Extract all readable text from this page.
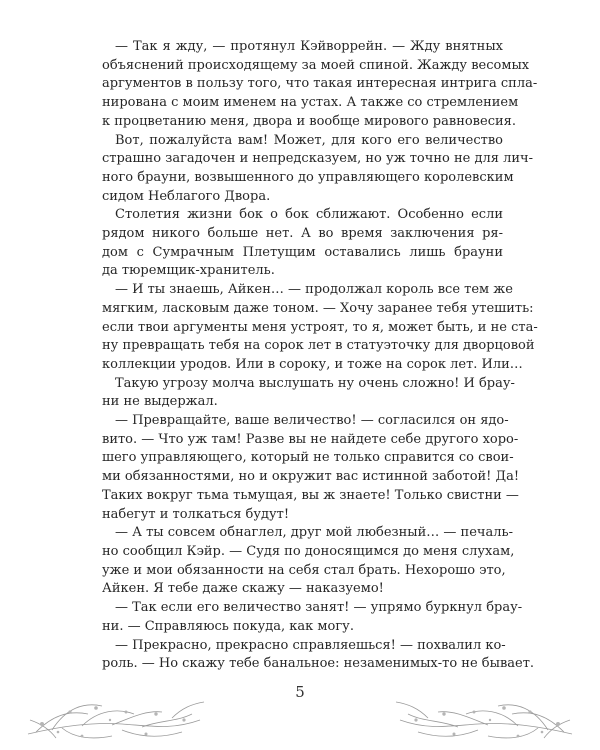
— Так я жду, — протянул Кэйворрейн. — Жду внятных
объяснений происходящему за моей спиной. Жажду весомых
аргументов в пользу того, что такая интересная интрига спла-
нирована с моим именем на устах. А также со стремлением
к процветанию меня, двора и вообще мирового равновесия.
Вот, пожалуйста вам! Может, для кого его величество
страшно загадочен и непредсказуем, но уж точно не для лич-
ного брауни, возвышенного до управляющего королевским
сидом Неблагого Двора.
Столетия жизни бок о бок сближают. Особенно если
рядом никого больше нет. А во время заключения ря-
дом с Сумрачным Плетущим оставались лишь брауни
да тюремщик-хранитель.
— И ты знаешь, Айкен… — продолжал король все тем же
мягким, ласковым даже тоном. — Хочу заранее тебя утешить:
если твои аргументы меня устроят, то я, может быть, и не ста-
ну превращать тебя на сорок лет в статуэточку для дворцовой
коллекции уродов. Или в сороку, и тоже на сорок лет. Или…
Такую угрозу молча выслушать ну очень сложно! И брау-
ни не выдержал.
— Превращайте, ваше величество! — согласился он ядо-
вито. — Что уж там! Разве вы не найдете себе другого хоро-
шего управляющего, который не только справится со свои-
ми обязанностями, но и окружит вас истинной заботой! Да!
Таких вокруг тьма тьмущая, вы ж знаете! Только свистни —
набегут и толкаться будут!
— А ты совсем обнаглел, друг мой любезный… — печаль-
но сообщил Кэйр. — Судя по доносящимся до меня слухам,
уже и мои обязанности на себя стал брать. Нехорошо это,
Айкен. Я тебе даже скажу — наказуемо!
— Так если его величество занят! — упрямо буркнул брау-
ни. — Справляюсь покуда, как могу.
— Прекрасно, прекрасно справляешься! — похвалил ко-
роль. — Но скажу тебе банальное: незаменимых-то не бывает.
5
